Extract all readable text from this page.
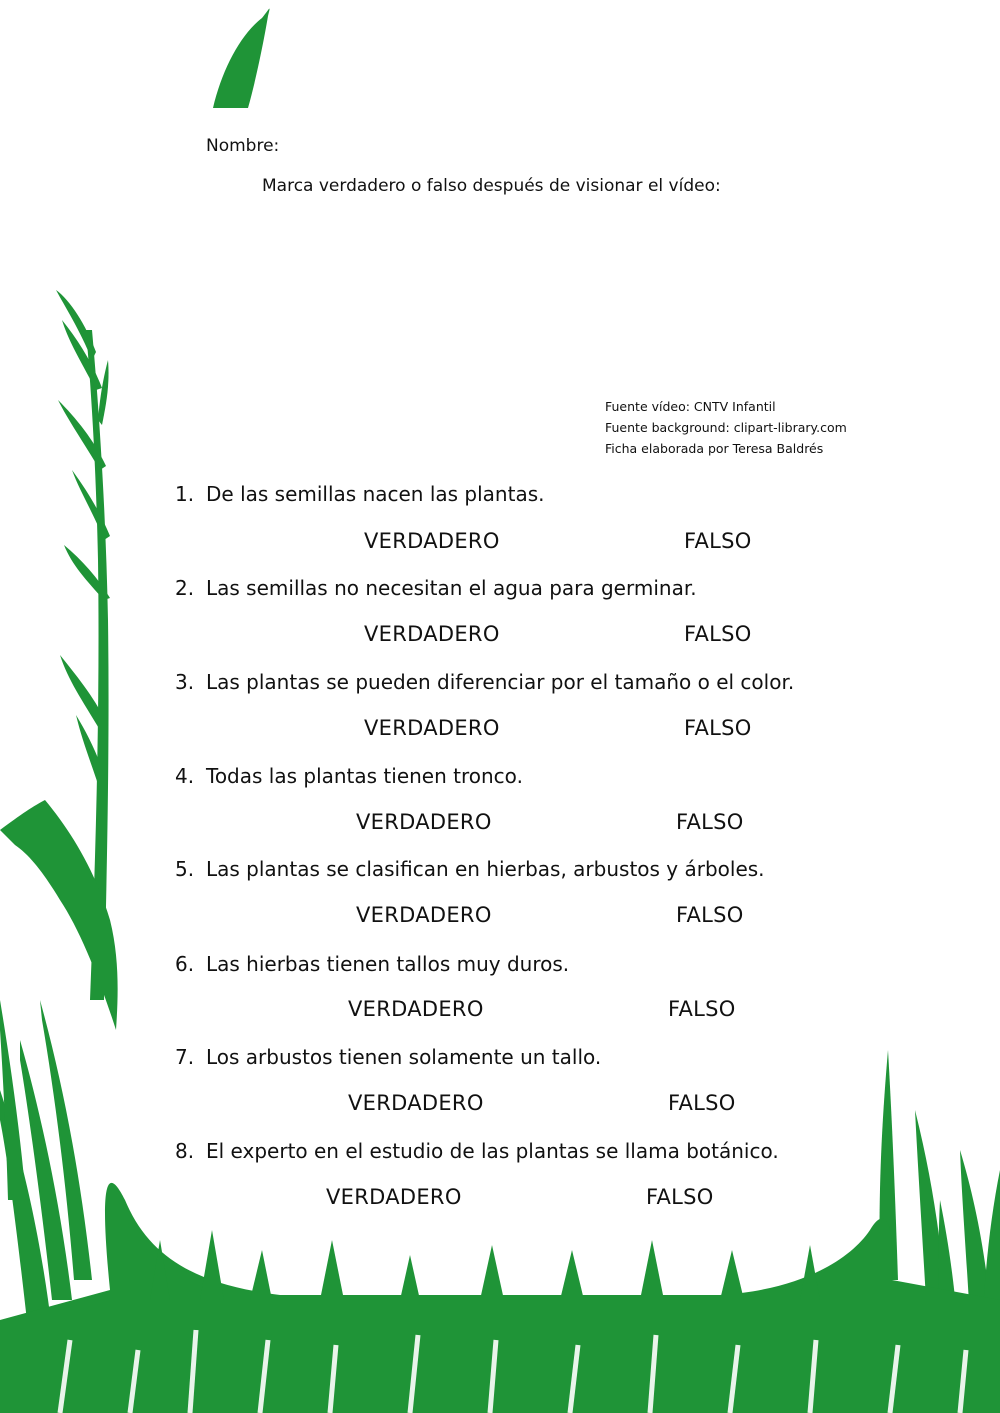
Nombre:
Marca verdadero o falso después de visionar el vídeo:
Fuente vídeo: CNTV Infantil
Fuente background: clipart-library.com
Ficha elaborada por Teresa Baldrés
1. De las semillas nacen las plantas.
VERDADERO	FALSO
2. Las semillas no necesitan el agua para germinar.
VERDADERO	FALSO
3. Las plantas se pueden diferenciar por el tamaño o el color.
VERDADERO	FALSO
4. Todas las plantas tienen tronco.
VERDADERO	FALSO
5. Las plantas se clasifican en hierbas, arbustos y árboles.
VERDADERO	FALSO
6. Las hierbas tienen tallos muy duros.
VERDADERO	FALSO
7. Los arbustos tienen solamente un tallo.
VERDADERO	FALSO
8. El experto en el estudio de las plantas se llama botánico.
VERDADERO	FALSO
